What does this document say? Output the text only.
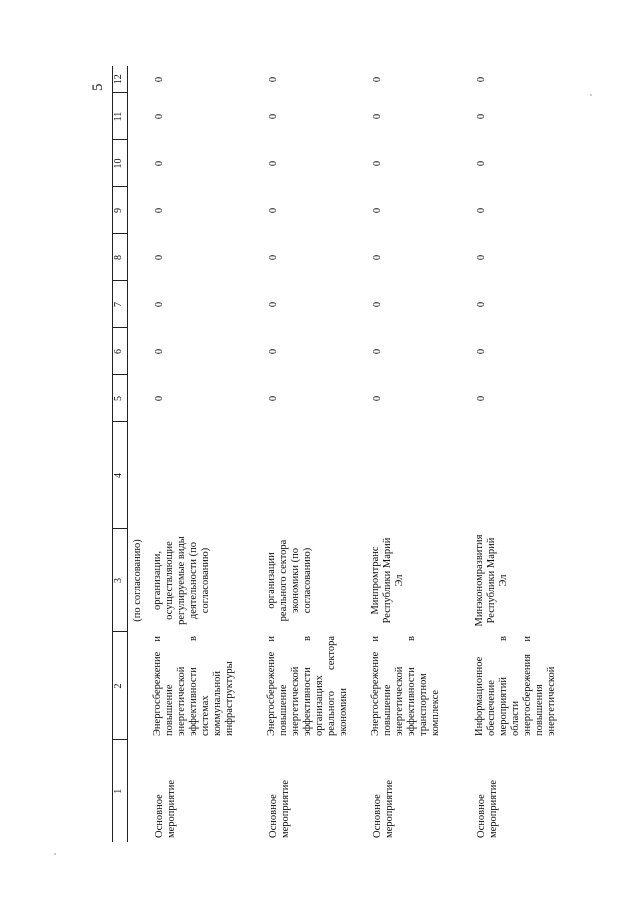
5
1	2	3	4	5	6	7	8	9	10	11	12
		(по согласованию)									
Основное мероприятие	Энергосбережение и повышение энергетической эффективности в системах коммунальной инфраструктуры	организации, осуществляющие регулируемые виды деятельности (по согласованию)		0	0	0	0	0	0	0	0
Основное мероприятие	Энергосбережение и повышение энергетической эффективности в организациях реального сектора экономики	организации реального сектора экономики (по согласованию)		0	0	0	0	0	0	0	0
Основное мероприятие	Энергосбережение и повышение энергетической эффективности в транспортном комплексе	Минпромтранс Республики Марий Эл		0	0	0	0	0	0	0	0
Основное мероприятие	Информационное обеспечение мероприятий в области энергосбережения и повышения энергетической	Минэкономразвития Республики Марий Эл		0	0	0	0	0	0	0	0
